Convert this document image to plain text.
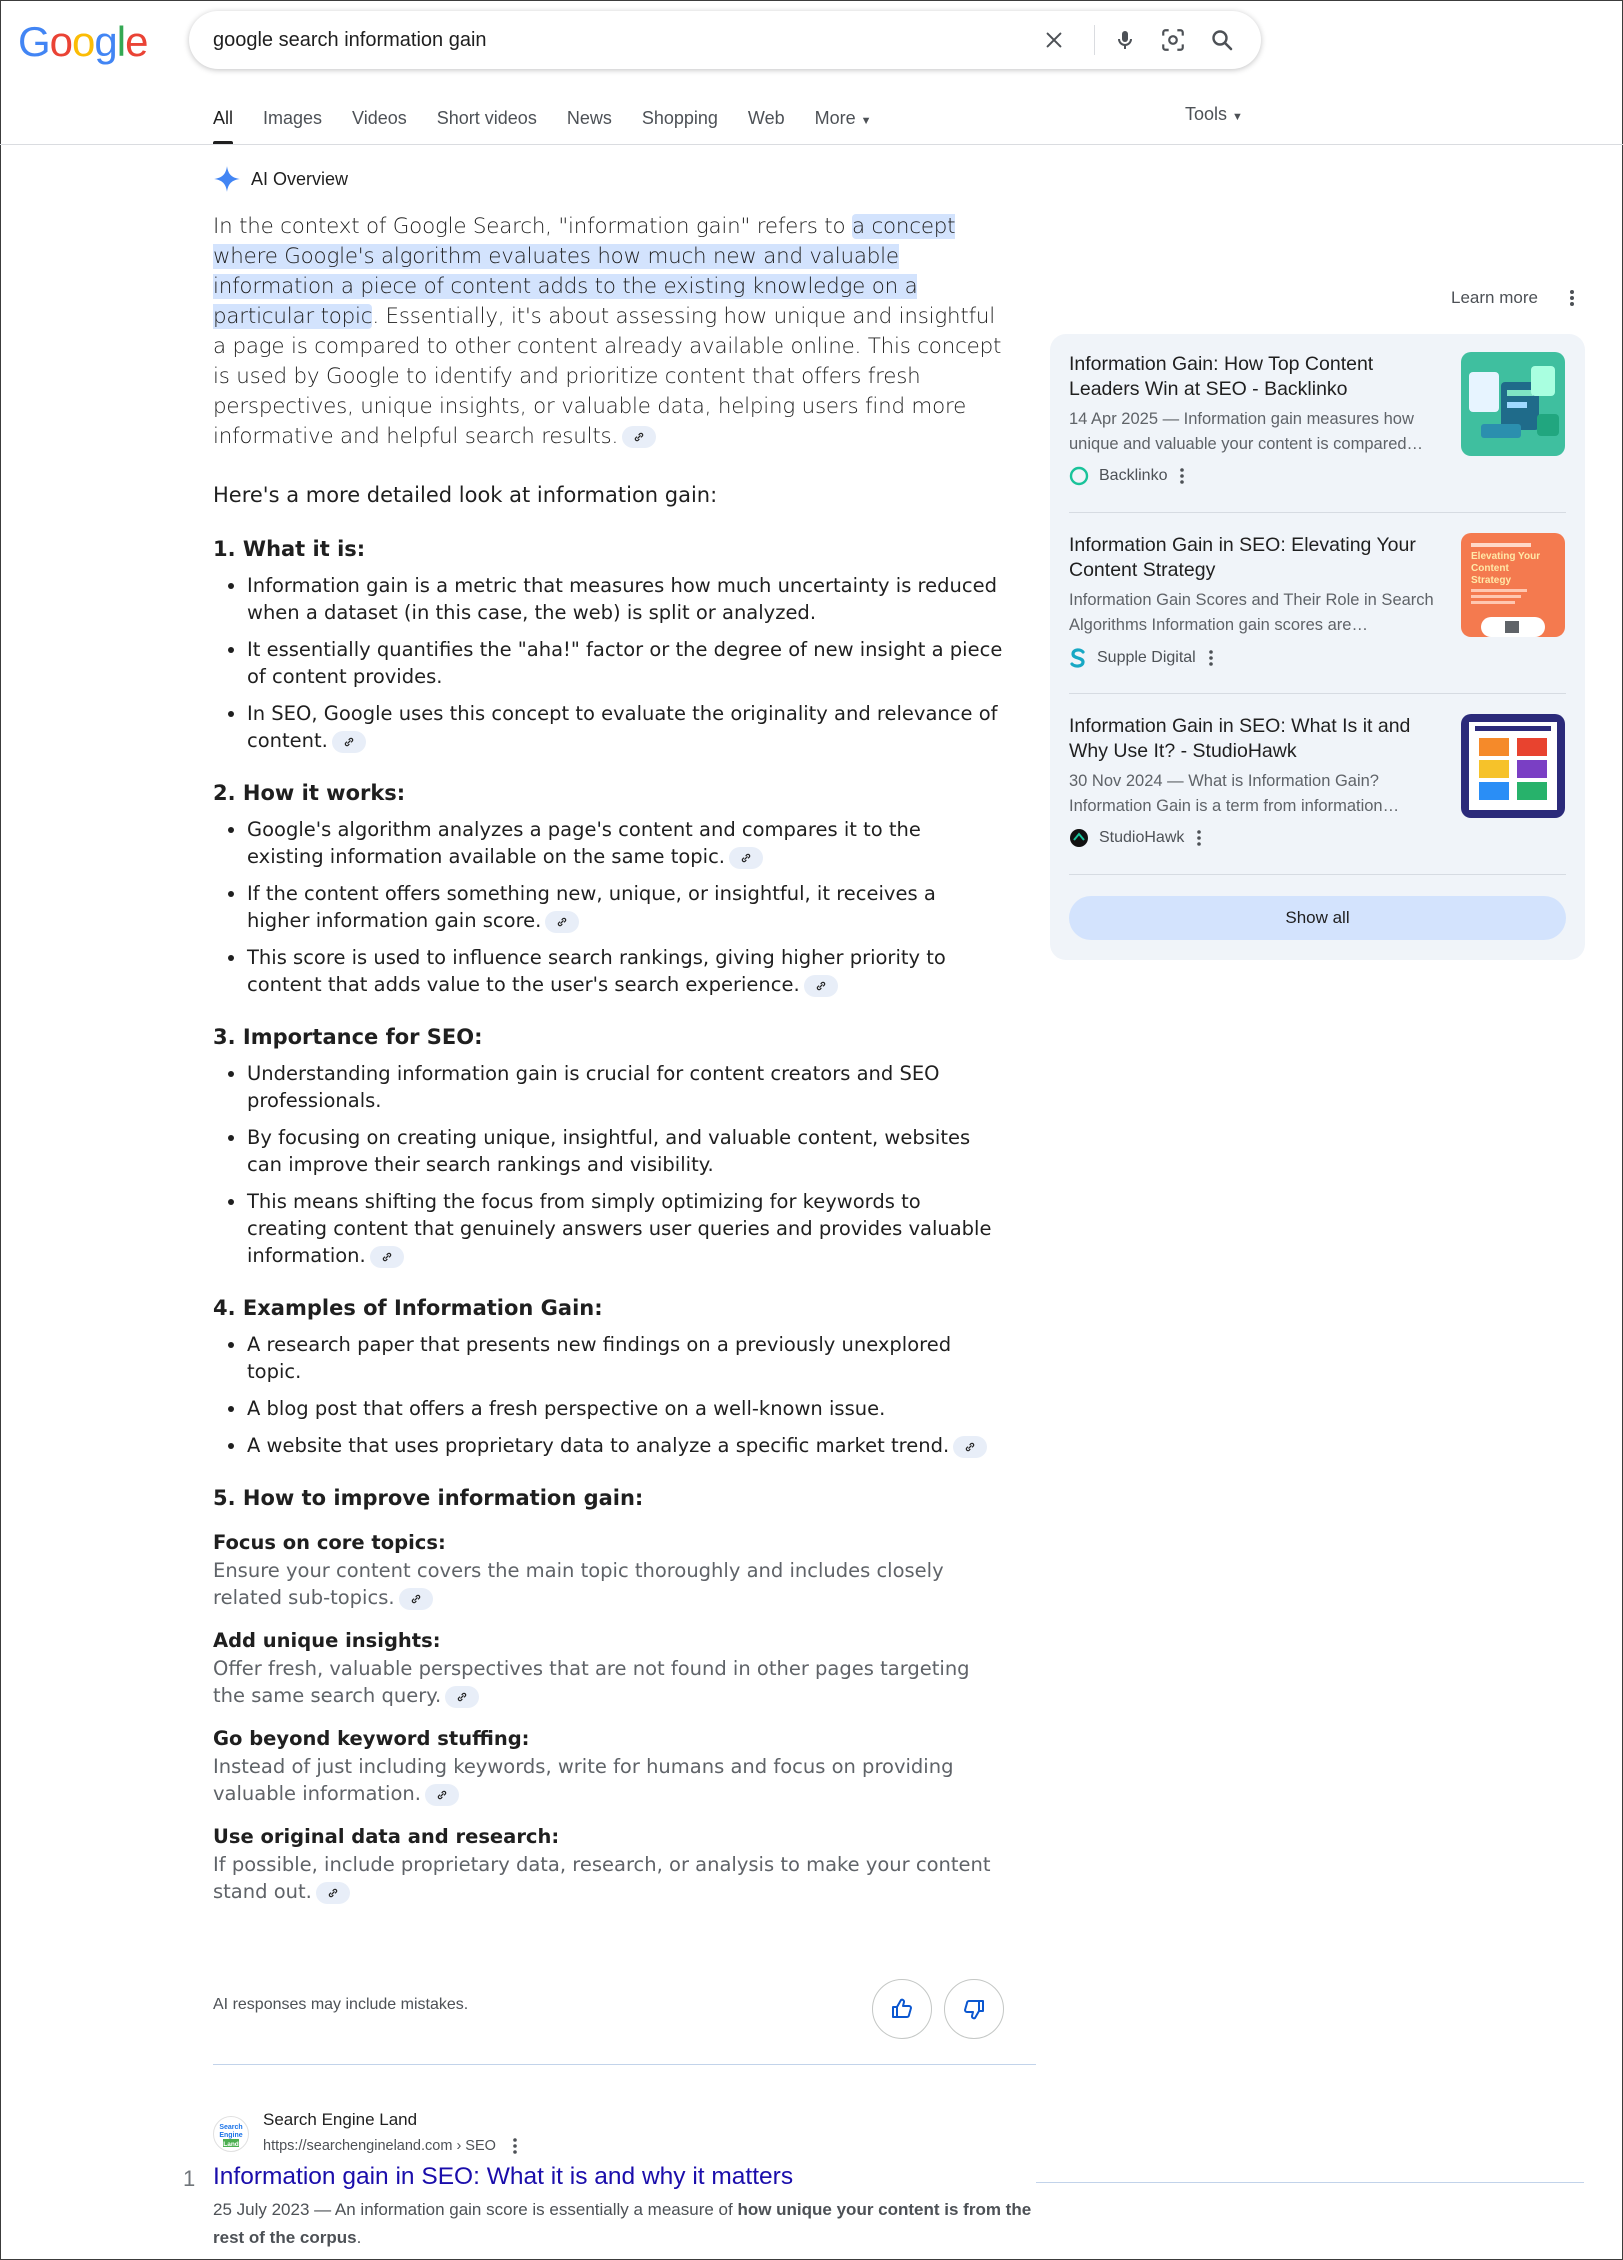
Google
google search information gain
All Images Videos Short videos News Shopping Web More ▼	Tools ▼
AI Overview

In the context of Google Search, "information gain" refers to a concept where Google's algorithm evaluates how much new and valuable information a piece of content adds to the existing knowledge on a particular topic. Essentially, it's about assessing how unique and insightful a page is compared to other content already available online. This concept is used by Google to identify and prioritize content that offers fresh perspectives, unique insights, or valuable data, helping users find more informative and helpful search results.

Here's a more detailed look at information gain:

1. What it is:
• Information gain is a metric that measures how much uncertainty is reduced when a dataset (in this case, the web) is split or analyzed.
• It essentially quantifies the "aha!" factor or the degree of new insight a piece of content provides.
• In SEO, Google uses this concept to evaluate the originality and relevance of content.
2. How it works:
• Google's algorithm analyzes a page's content and compares it to the existing information available on the same topic.
• If the content offers something new, unique, or insightful, it receives a higher information gain score.
• This score is used to influence search rankings, giving higher priority to content that adds value to the user's search experience.
3. Importance for SEO:
• Understanding information gain is crucial for content creators and SEO professionals.
• By focusing on creating unique, insightful, and valuable content, websites can improve their search rankings and visibility.
• This means shifting the focus from simply optimizing for keywords to creating content that genuinely answers user queries and provides valuable information.
4. Examples of Information Gain:
• A research paper that presents new findings on a previously unexplored topic.
• A blog post that offers a fresh perspective on a well-known issue.
• A website that uses proprietary data to analyze a specific market trend.
5. How to improve information gain:
Focus on core topics:
Ensure your content covers the main topic thoroughly and includes closely related sub-topics.
Add unique insights:
Offer fresh, valuable perspectives that are not found in other pages targeting the same search query.
Go beyond keyword stuffing:
Instead of just including keywords, write for humans and focus on providing valuable information.
Use original data and research:
If possible, include proprietary data, research, or analysis to make your content stand out.
AI responses may include mistakes.
Learn more
Information Gain: How Top Content Leaders Win at SEO - Backlinko
14 Apr 2025 — Information gain measures how unique and valuable your content is compared…
Backlinko
Information Gain in SEO: Elevating Your Content Strategy
Information Gain Scores and Their Role in Search Algorithms Information gain scores are…
Supple Digital
Elevating Your
Content
Strategy
Information Gain in SEO: What Is it and Why Use It? - StudioHawk
30 Nov 2024 — What is Information Gain? Information Gain is a term from information…
StudioHawk
Show all
Search
Engine
Land
Search Engine Land
https://searchengineland.com › SEO
1 Information gain in SEO: What it is and why it matters
25 July 2023 — An information gain score is essentially a measure of how unique your content is from the rest of the corpus.
